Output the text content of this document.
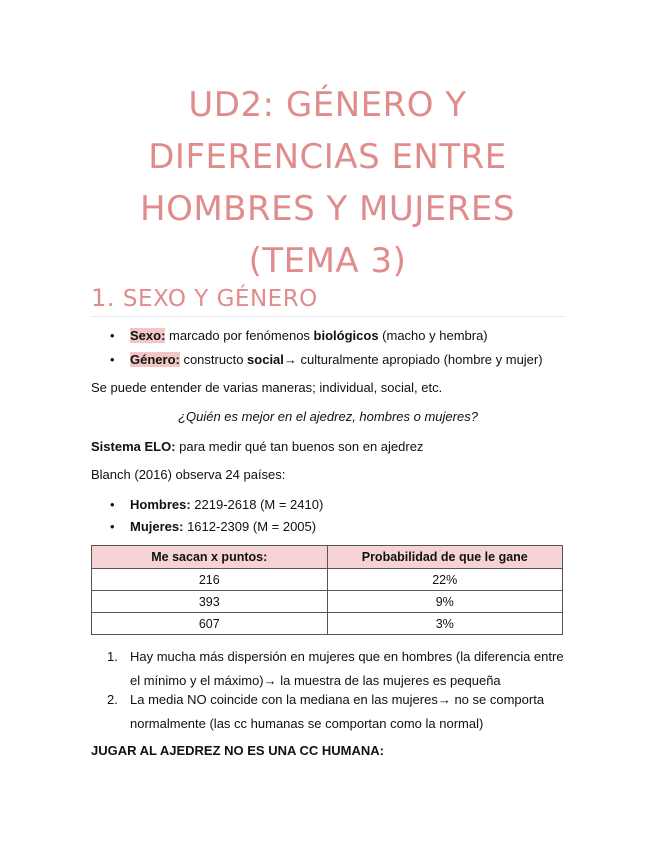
UD2: GÉNERO Y
DIFERENCIAS ENTRE
HOMBRES Y MUJERES
(TEMA 3)
1. SEXO Y GÉNERO
• Sexo: marcado por fenómenos biológicos (macho y hembra)
• Género: constructo social→ culturalmente apropiado (hombre y mujer)
Se puede entender de varias maneras; individual, social, etc.
¿Quién es mejor en el ajedrez, hombres o mujeres?
Sistema ELO: para medir qué tan buenos son en ajedrez
Blanch (2016) observa 24 países:
• Hombres: 2219-2618 (M = 2410)
• Mujeres: 1612-2309 (M = 2005)
Me sacan x puntos:	Probabilidad de que le gane
216	22%
393	9%
607	3%
1. Hay mucha más dispersión en mujeres que en hombres (la diferencia entre
el mínimo y el máximo)→ la muestra de las mujeres es pequeña
2. La media NO coincide con la mediana en las mujeres→ no se comporta
normalmente (las cc humanas se comportan como la normal)
JUGAR AL AJEDREZ NO ES UNA CC HUMANA:
